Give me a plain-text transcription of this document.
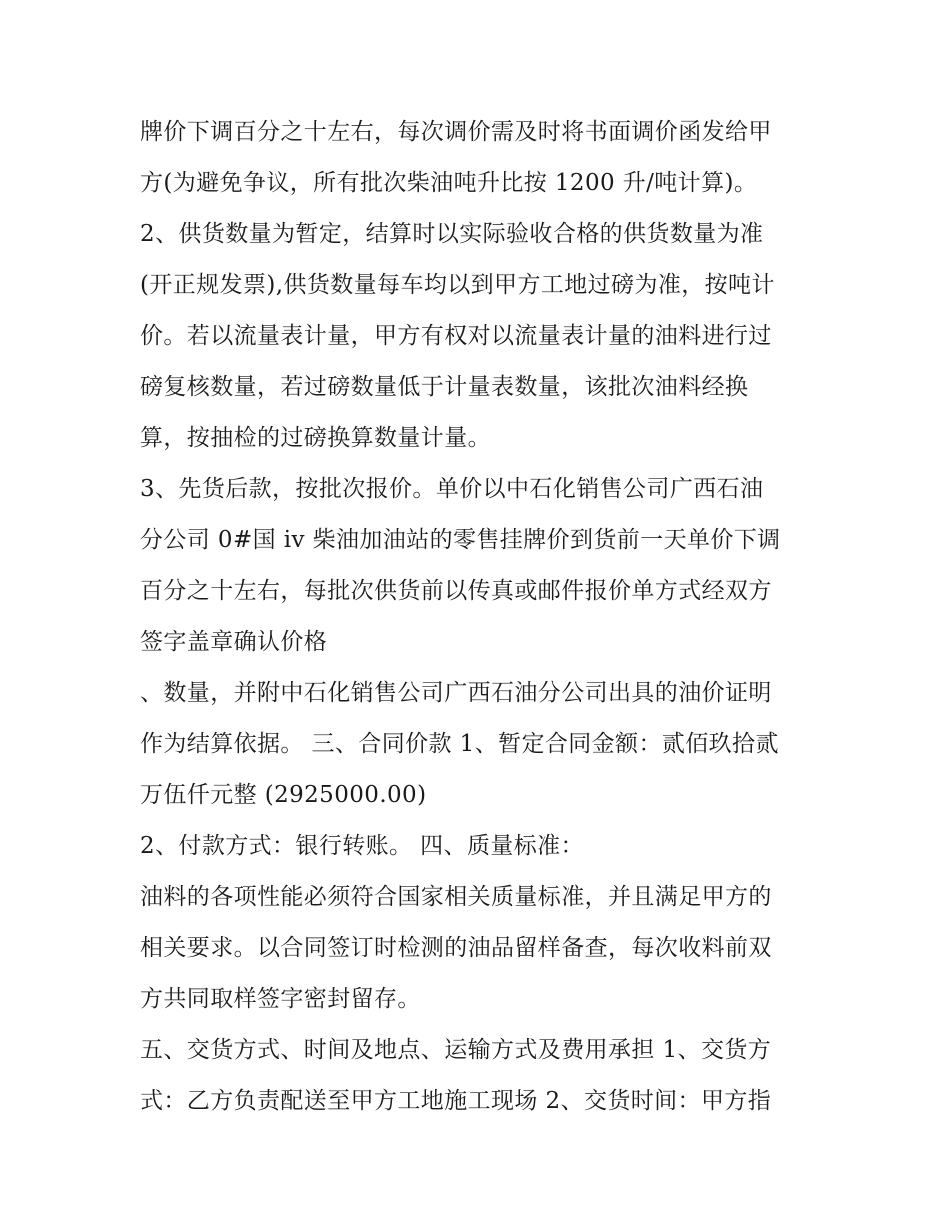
牌价下调百分之十左右，每次调价需及时将书面调价函发给甲
方(为避免争议，所有批次柴油吨升比按 1200 升/吨计算)。
2、供货数量为暂定，结算时以实际验收合格的供货数量为准
(开正规发票),供货数量每车均以到甲方工地过磅为准，按吨计
价。若以流量表计量，甲方有权对以流量表计量的油料进行过
磅复核数量，若过磅数量低于计量表数量，该批次油料经换
算，按抽检的过磅换算数量计量。
3、先货后款，按批次报价。单价以中石化销售公司广西石油
分公司 0#国 iv 柴油加油站的零售挂牌价到货前一天单价下调
百分之十左右，每批次供货前以传真或邮件报价单方式经双方
签字盖章确认价格
、数量，并附中石化销售公司广西石油分公司出具的油价证明
作为结算依据。 三、合同价款 1、暂定合同金额：贰佰玖拾贰
万伍仟元整 (2925000.00)
2、付款方式：银行转账。 四、质量标准：
油料的各项性能必须符合国家相关质量标准，并且满足甲方的
相关要求。以合同签订时检测的油品留样备查，每次收料前双
方共同取样签字密封留存。
五、交货方式、时间及地点、运输方式及费用承担 1、交货方
式：乙方负责配送至甲方工地施工现场 2、交货时间：甲方指
